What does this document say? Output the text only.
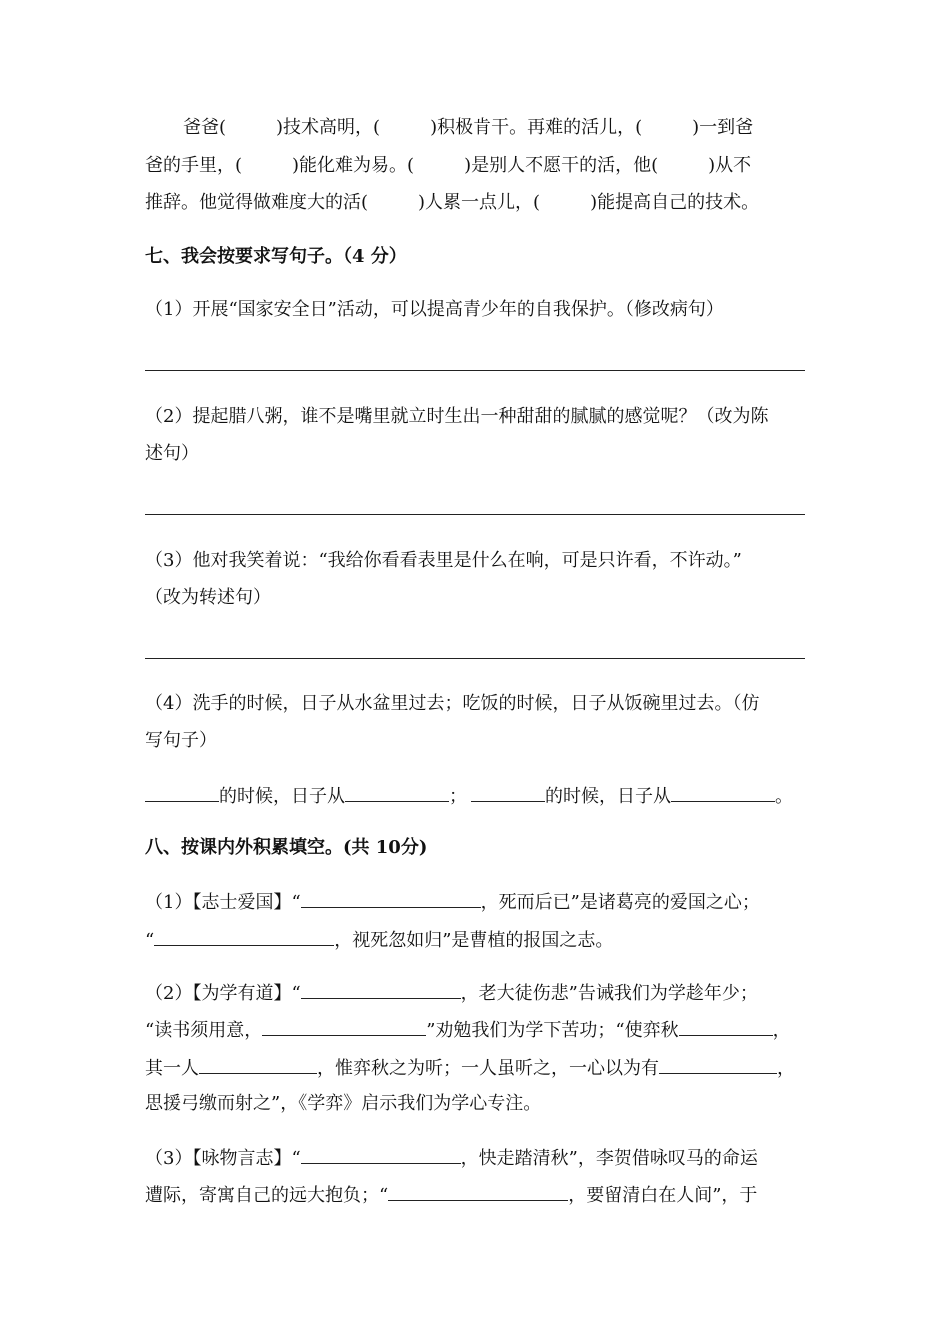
爸爸(	)技术高明，(	)积极肯干。再难的活儿，(	)一到爸
爸的手里，(	)能化难为易。(	)是别人不愿干的活，他(	)从不
推辞。他觉得做难度大的活(	)人累一点儿，(	)能提高自己的技术。
七、我会按要求写句子。（4 分）
（1）开展“国家安全日”活动，可以提高青少年的自我保护。（修改病句）
（2）提起腊八粥，谁不是嘴里就立时生出一种甜甜的腻腻的感觉呢？（改为陈
述句）
（3）他对我笑着说：“我给你看看表里是什么在响，可是只许看，不许动。”
（改为转述句）
（4）洗手的时候，日子从水盆里过去；吃饭的时候，日子从饭碗里过去。（仿
写句子）
的时候，日子从	；	的时候，日子从	。
八、按课内外积累填空。(共 10分)
（1）【志士爱国】“	，死而后已”是诸葛亮的爱国之心；
“	，视死忽如归”是曹植的报国之志。
（2）【为学有道】“	，老大徒伤悲”告诫我们为学趁年少；
“读书须用意，	”劝勉我们为学下苦功；“使弈秋	，
其一人	，惟弈秋之为听；一人虽听之，一心以为有	，
思援弓缴而射之”，《学弈》启示我们为学心专注。
（3）【咏物言志】“	，快走踏清秋”，李贺借咏叹马的命运
遭际，寄寓自己的远大抱负；“	，要留清白在人间”，于
